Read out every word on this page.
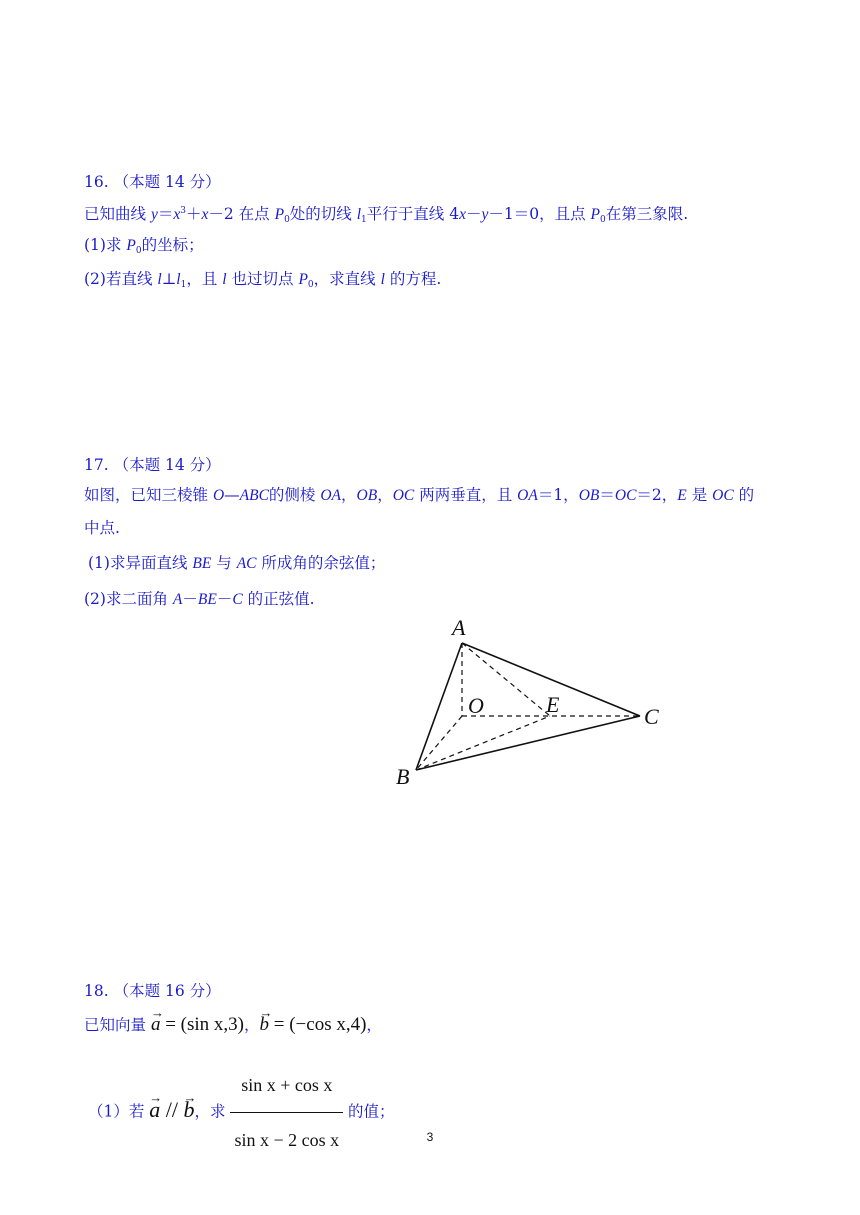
16. （本题 14 分）
已知曲线 $y=x^3+x-2$ 在点 $P_0$处的切线 $l_1$平行于直线 4x－y－1＝0，且点 $P_0$在第三象限.
(1)求 $P_0$的坐标；
(2)若直线 $l\perp l_1$，且 l 也过切点 $P_0$，求直线 l 的方程.
17. （本题 14 分）
如图，已知三棱锥 O—ABC的侧棱 OA，OB，OC 两两垂直，且 OA＝1，OB＝OC＝2，E 是 OC 的
中点.
(1)求异面直线 BE 与 AC 所成角的余弦值；
(2)求二面角 A－BE－C 的正弦值.
A
O	E	C
B
18. （本题 16 分）
已知向量 → a = (sin x,3)，→ b = (−cos x,4)，
（1）若 → a // → b，求 $\frac{\text{sin x + cos x}}{\text{sin x − 2 cos x}}$ 的值；
3
